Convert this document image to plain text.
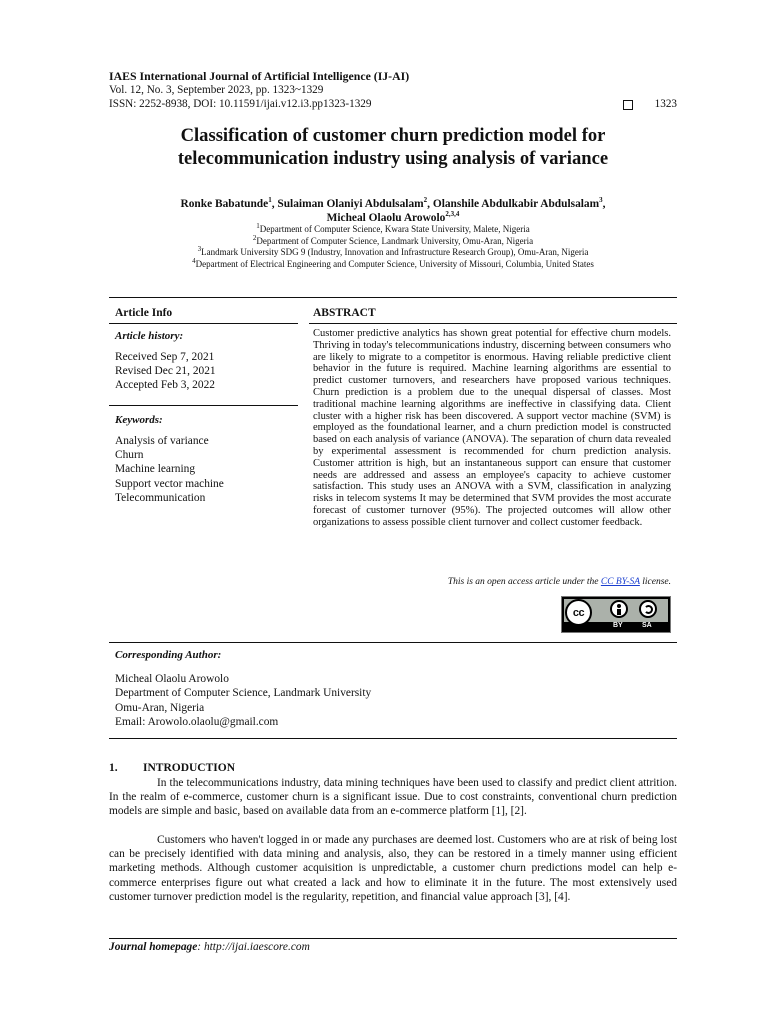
IAES International Journal of Artificial Intelligence (IJ-AI)
Vol. 12, No. 3, September 2023, pp. 1323~1329
ISSN: 2252-8938, DOI: 10.11591/ijai.v12.i3.pp1323-1329	1323
Classification of customer churn prediction model for telecommunication industry using analysis of variance
Ronke Babatunde$^1$, Sulaiman Olaniyi Abdulsalam$^2$, Olanshile Abdulkabir Abdulsalam$^3$,
Micheal Olaolu Arowolo$^{2,3,4}$
$^1$Department of Computer Science, Kwara State University, Malete, Nigeria
$^2$Department of Computer Science, Landmark University, Omu-Aran, Nigeria
$^3$Landmark University SDG 9 (Industry, Innovation and Infrastructure Research Group), Omu-Aran, Nigeria
$^4$Department of Electrical Engineering and Computer Science, University of Missouri, Columbia, United States
Article Info	ABSTRACT
Article history:
Received Sep 7, 2021
Revised Dec 21, 2021
Accepted Feb 3, 2022
Keywords:
Analysis of variance
Churn
Machine learning
Support vector machine
Telecommunication
Customer predictive analytics has shown great potential for effective churn models. Thriving in today's telecommunications industry, discerning between consumers who are likely to migrate to a competitor is enormous. Having reliable predictive client behavior in the future is required. Machine learning algorithms are essential to predict customer turnovers, and researchers have proposed various techniques. Churn prediction is a problem due to the unequal dispersal of classes. Most traditional machine learning algorithms are ineffective in classifying data. Client cluster with a higher risk has been discovered. A support vector machine (SVM) is employed as the foundational learner, and a churn prediction model is constructed based on each analysis of variance (ANOVA). The separation of churn data revealed by experimental assessment is recommended for churn prediction analysis. Customer attrition is high, but an instantaneous support can ensure that customer needs are addressed and assess an employee's capacity to achieve customer satisfaction. This study uses an ANOVA with a SVM, classification in analyzing risks in telecom systems It may be determined that SVM provides the most accurate forecast of customer turnover (95%). The projected outcomes will allow other organizations to assess possible client turnover and collect customer feedback.
This is an open access article under the CC BY-SA license.
cc
BY	SA
Corresponding Author:
Micheal Olaolu Arowolo
Department of Computer Science, Landmark University
Omu-Aran, Nigeria
Email: Arowolo.olaolu@gmail.com
1. INTRODUCTION
In the telecommunications industry, data mining techniques have been used to classify and predict client attrition. In the realm of e-commerce, customer churn is a significant issue. Due to cost constraints, conventional churn prediction models are simple and basic, based on available data from an e-commerce platform [1], [2].
Customers who haven't logged in or made any purchases are deemed lost. Customers who are at risk of being lost can be precisely identified with data mining and analysis, also, they can be restored in a timely manner using efficient marketing methods. Although customer acquisition is unpredictable, a customer churn predictions model can help e-commerce enterprises figure out what created a lack and how to eliminate it in the future. The most extensively used customer turnover prediction model is the regularity, repetition, and financial value approach [3], [4].
Journal homepage: http://ijai.iaescore.com
